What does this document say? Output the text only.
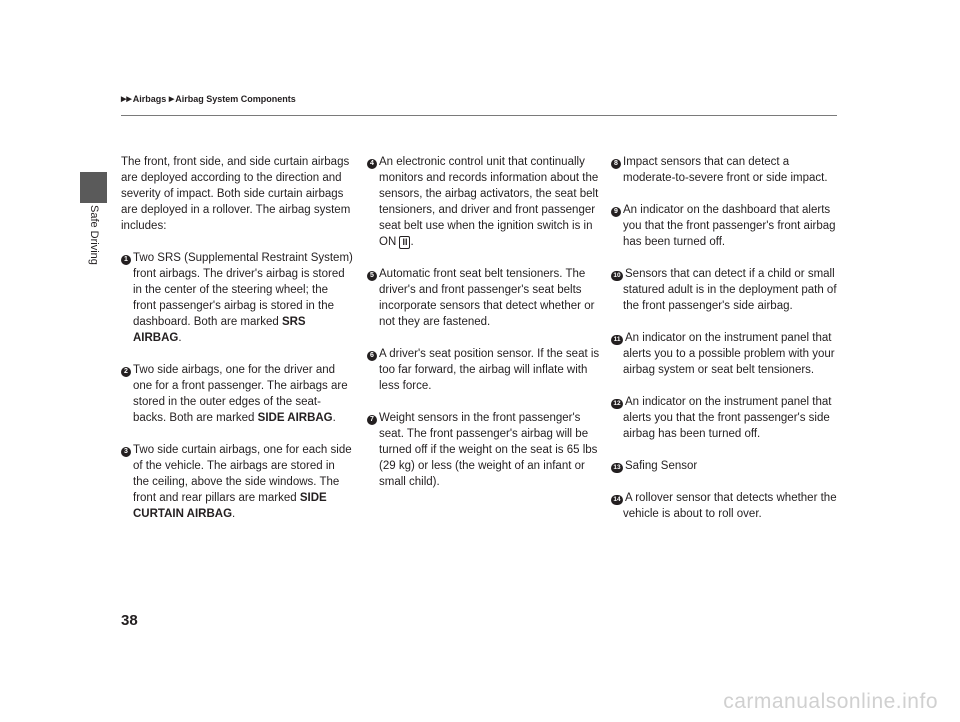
Safe Driving
▶▶Airbags ▶Airbag System Components

The front, front side, and side curtain airbags are deployed according to the direction and severity of impact. Both side curtain airbags are deployed in a rollover. The airbag system includes:

1 Two SRS (Supplemental Restraint System) front airbags. The driver's airbag is stored in the center of the steering wheel; the front passenger's airbag is stored in the dashboard. Both are marked SRS AIRBAG.
2 Two side airbags, one for the driver and one for a front passenger. The airbags are stored in the outer edges of the seat-backs. Both are marked SIDE AIRBAG.
3 Two side curtain airbags, one for each side of the vehicle. The airbags are stored in the ceiling, above the side windows. The front and rear pillars are marked SIDE CURTAIN AIRBAG.
4 An electronic control unit that continually monitors and records information about the sensors, the airbag activators, the seat belt tensioners, and driver and front passenger seat belt use when the ignition switch is in ON II .
5 Automatic front seat belt tensioners. The driver's and front passenger's seat belts incorporate sensors that detect whether or not they are fastened.
6 A driver's seat position sensor. If the seat is too far forward, the airbag will inflate with less force.
7 Weight sensors in the front passenger's seat. The front passenger's airbag will be turned off if the weight on the seat is 65 lbs (29 kg) or less (the weight of an infant or small child).
8 Impact sensors that can detect a moderate-to-severe front or side impact.
9 An indicator on the dashboard that alerts you that the front passenger's front airbag has been turned off.
10 Sensors that can detect if a child or small statured adult is in the deployment path of the front passenger's side airbag.
11 An indicator on the instrument panel that alerts you to a possible problem with your airbag system or seat belt tensioners.
12 An indicator on the instrument panel that alerts you that the front passenger's side airbag has been turned off.
13 Safing Sensor
14 A rollover sensor that detects whether the vehicle is about to roll over.
38
carmanualsonline.info
